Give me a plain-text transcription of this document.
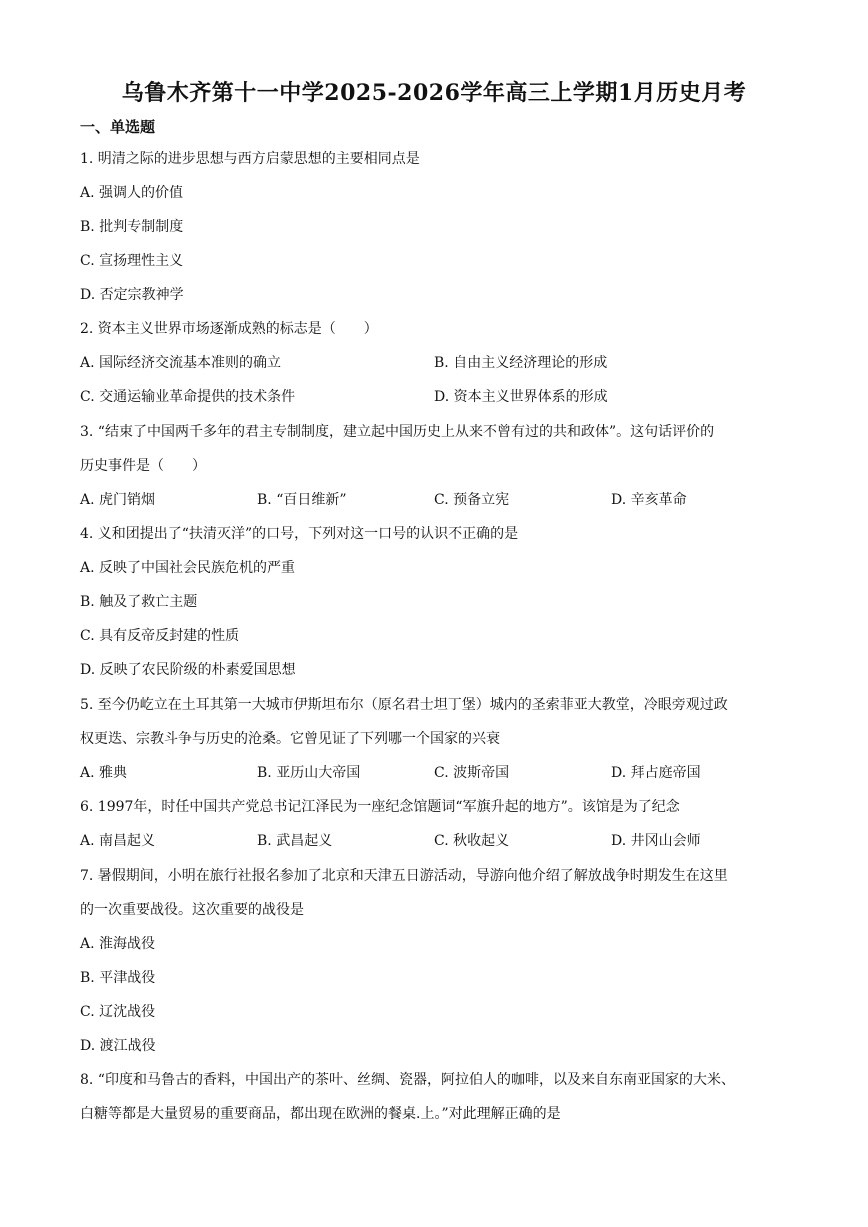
乌鲁木齐第十一中学2025-2026学年高三上学期1月历史月考
一、单选题
1. 明清之际的进步思想与西方启蒙思想的主要相同点是
A. 强调人的价值
B. 批判专制制度
C. 宣扬理性主义
D. 否定宗教神学
2. 资本主义世界市场逐渐成熟的标志是（　　）
A. 国际经济交流基本准则的确立	B. 自由主义经济理论的形成
C. 交通运输业革命提供的技术条件	D. 资本主义世界体系的形成
3. “结束了中国两千多年的君主专制制度，建立起中国历史上从来不曾有过的共和政体”。这句话评价的
历史事件是（　　）
A. 虎门销烟	B. “百日维新”	C. 预备立宪	D. 辛亥革命
4. 义和团提出了“扶清灭洋”的口号，下列对这一口号的认识不正确的是
A. 反映了中国社会民族危机的严重
B. 触及了救亡主题
C. 具有反帝反封建的性质
D. 反映了农民阶级的朴素爱国思想
5. 至今仍屹立在土耳其第一大城市伊斯坦布尔（原名君士坦丁堡）城内的圣索菲亚大教堂，冷眼旁观过政
权更迭、宗教斗争与历史的沧桑。它曾见证了下列哪一个国家的兴衰
A. 雅典	B. 亚历山大帝国	C. 波斯帝国	D. 拜占庭帝国
6. 1997年，时任中国共产党总书记江泽民为一座纪念馆题词“军旗升起的地方”。该馆是为了纪念
A. 南昌起义	B. 武昌起义	C. 秋收起义	D. 井冈山会师
7. 暑假期间，小明在旅行社报名参加了北京和天津五日游活动，导游向他介绍了解放战争时期发生在这里
的一次重要战役。这次重要的战役是
A. 淮海战役
B. 平津战役
C. 辽沈战役
D. 渡江战役
8. “印度和马鲁古的香料，中国出产的茶叶、丝绸、瓷器，阿拉伯人的咖啡，以及来自东南亚国家的大米、
白糖等都是大量贸易的重要商品，都出现在欧洲的餐桌.上。”对此理解正确的是
